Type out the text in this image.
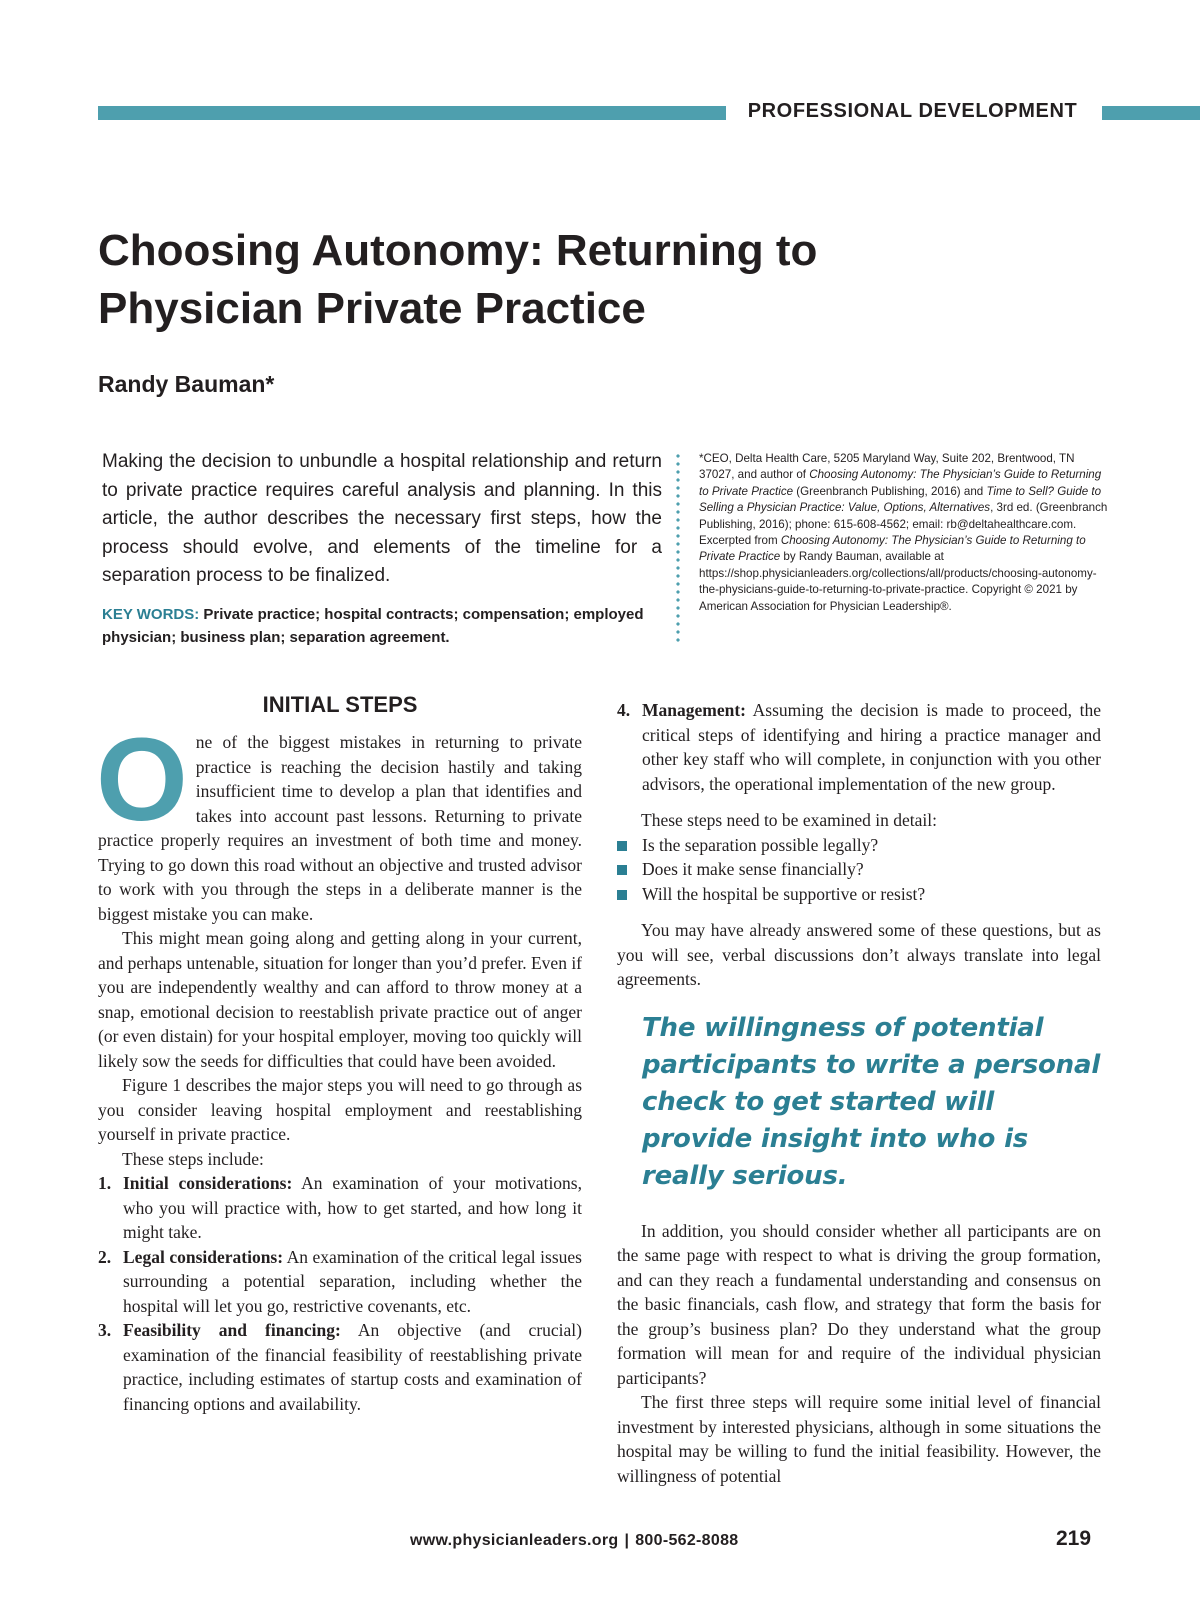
PROFESSIONAL DEVELOPMENT
Choosing Autonomy: Returning to Physician Private Practice
Randy Bauman*

Making the decision to unbundle a hospital relationship and return to private practice requires careful analysis and planning. In this article, the author describes the necessary first steps, how the process should evolve, and elements of the timeline for a separation process to be finalized.

KEY WORDS: Private practice; hospital contracts; compensation; employed physician; business plan; separation agreement.

*CEO, Delta Health Care, 5205 Maryland Way, Suite 202, Brentwood, TN 37027, and author of Choosing Autonomy: The Physician’s Guide to Returning to Private Practice (Greenbranch Publishing, 2016) and Time to Sell? Guide to Selling a Physician Practice: Value, Options, Alternatives, 3rd ed. (Greenbranch Publishing, 2016); phone: 615-608-4562; email: rb@deltahealthcare.com. Excerpted from Choosing Autonomy: The Physician’s Guide to Returning to Private Practice by Randy Bauman, available at https://shop.physicianleaders.org/collections/all/products/choosing-autonomy-the-physicians-guide-to-returning-to-private-practice. Copyright © 2021 by American Association for Physician Leadership®.

INITIAL STEPS

One of the biggest mistakes in returning to private practice is reaching the decision hastily and taking insufficient time to develop a plan that identifies and takes into account past lessons. Returning to private practice properly requires an investment of both time and money. Trying to go down this road without an objective and trusted advisor to work with you through the steps in a deliberate manner is the biggest mistake you can make.

This might mean going along and getting along in your current, and perhaps untenable, situation for longer than you’d prefer. Even if you are independently wealthy and can afford to throw money at a snap, emotional decision to reestablish private practice out of anger (or even distain) for your hospital employer, moving too quickly will likely sow the seeds for difficulties that could have been avoided.

Figure 1 describes the major steps you will need to go through as you consider leaving hospital employment and reestablishing yourself in private practice.

These steps include:

1. Initial considerations: An examination of your motivations, who you will practice with, how to get started, and how long it might take.
2. Legal considerations: An examination of the critical legal issues surrounding a potential separation, including whether the hospital will let you go, restrictive covenants, etc.
3. Feasibility and financing: An objective (and crucial) examination of the financial feasibility of reestablishing private practice, including estimates of startup costs and examination of financing options and availability.
4. Management: Assuming the decision is made to proceed, the critical steps of identifying and hiring a practice manager and other key staff who will complete, in conjunction with you other advisors, the operational implementation of the new group.

These steps need to be examined in detail:

Is the separation possible legally?
Does it make sense financially?
Will the hospital be supportive or resist?

You may have already answered some of these questions, but as you will see, verbal discussions don’t always translate into legal agreements.

The willingness of potential participants to write a personal check to get started will provide insight into who is really serious.

In addition, you should consider whether all participants are on the same page with respect to what is driving the group formation, and can they reach a fundamental understanding and consensus on the basic financials, cash flow, and strategy that form the basis for the group’s business plan? Do they understand what the group formation will mean for and require of the individual physician participants?

The first three steps will require some initial level of financial investment by interested physicians, although in some situations the hospital may be willing to fund the initial feasibility. However, the willingness of potential

www.physicianleaders.org | 800-562-8088	219
